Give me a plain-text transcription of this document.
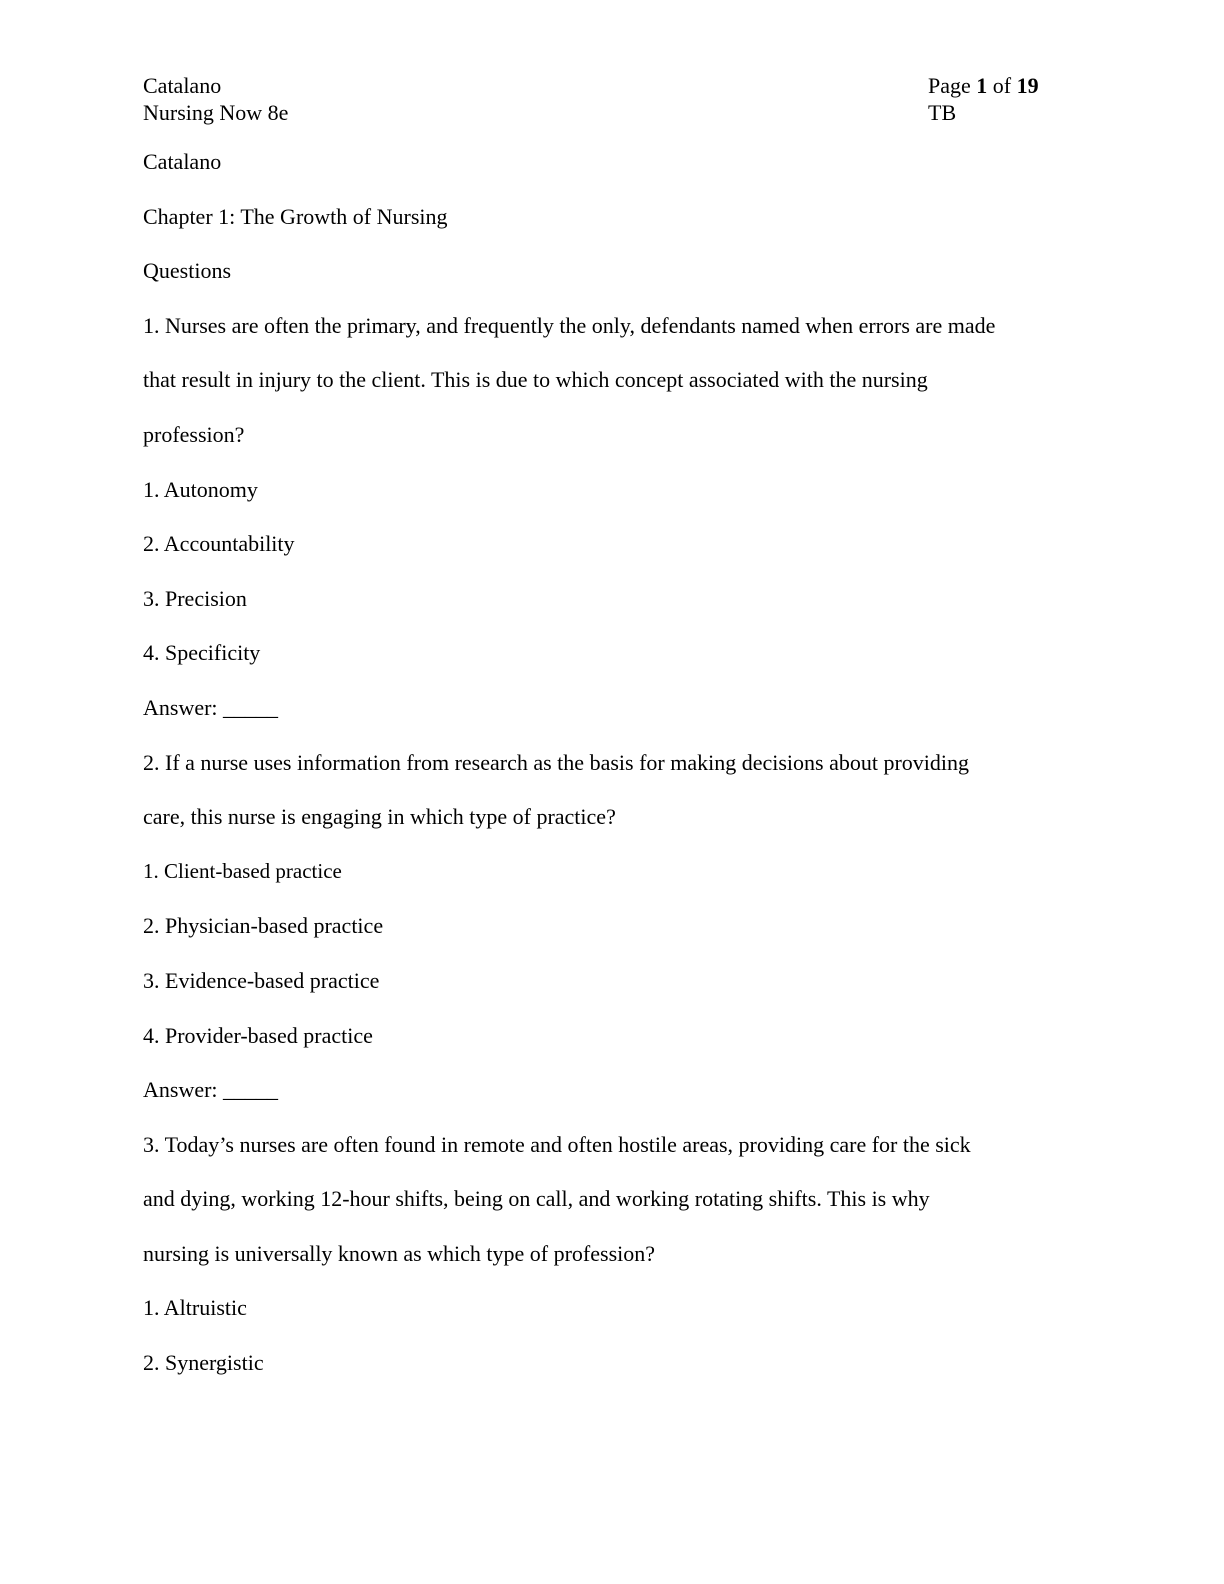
Catalano
Nursing Now 8e
Page 1 of 19
TB
Catalano
Chapter 1: The Growth of Nursing
Questions
1. Nurses are often the primary, and frequently the only, defendants named when errors are made
that result in injury to the client. This is due to which concept associated with the nursing
profession?
1. Autonomy
2. Accountability
3. Precision
4. Specificity
Answer: _____
2. If a nurse uses information from research as the basis for making decisions about providing
care, this nurse is engaging in which type of practice?
1. Client-based practice
2. Physician-based practice
3. Evidence-based practice
4. Provider-based practice
Answer: _____
3. Today’s nurses are often found in remote and often hostile areas, providing care for the sick
and dying, working 12-hour shifts, being on call, and working rotating shifts. This is why
nursing is universally known as which type of profession?
1. Altruistic
2. Synergistic
